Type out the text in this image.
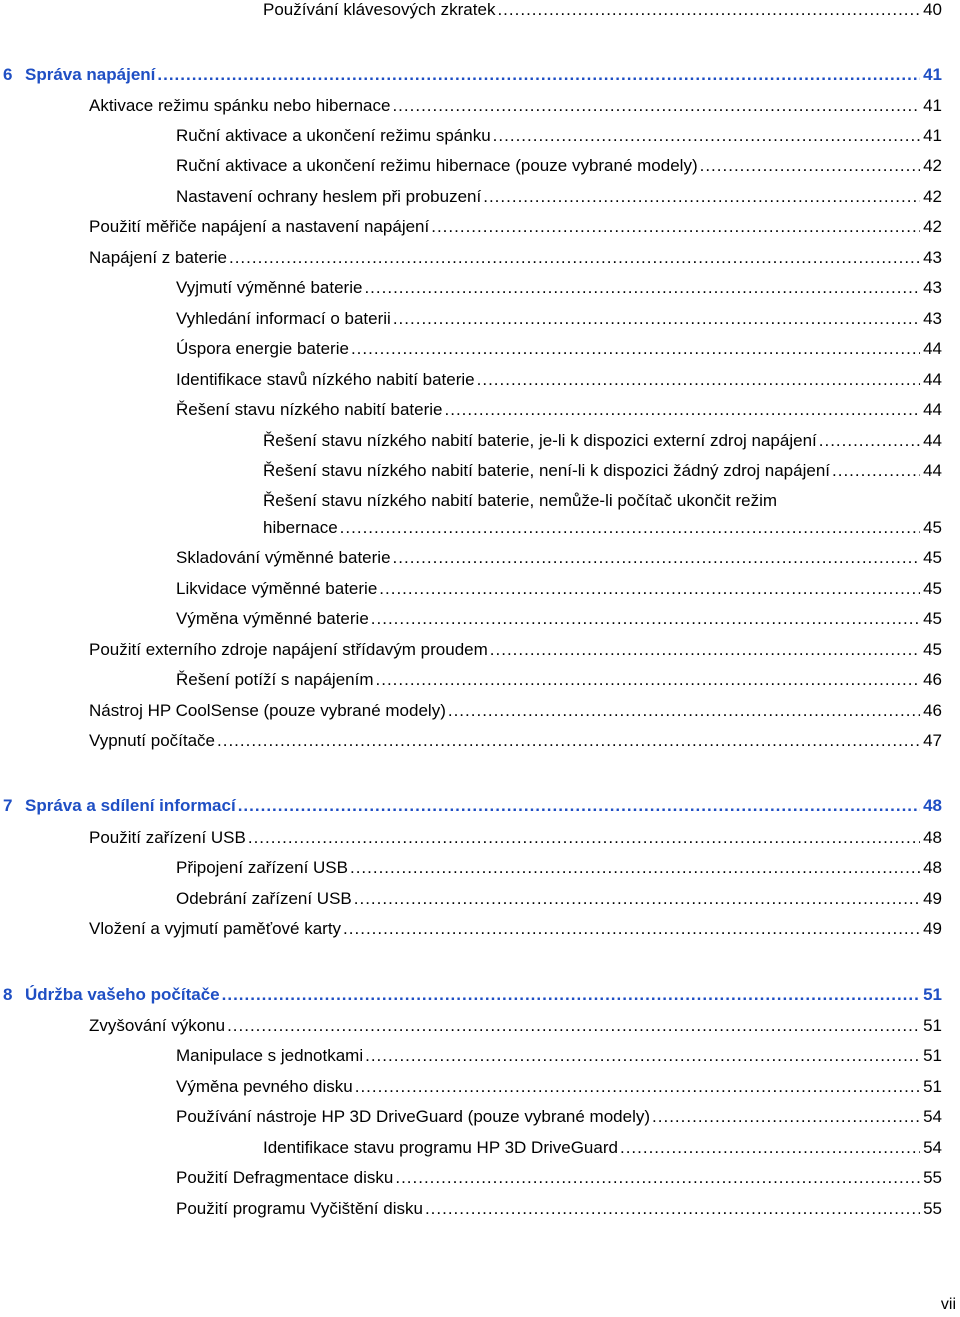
Používání klávesových zkratek .....	40
6 Správa napájení .....	41
Aktivace režimu spánku nebo hibernace .....	41
Ruční aktivace a ukončení režimu spánku .....	41
Ruční aktivace a ukončení režimu hibernace (pouze vybrané modely) .....	42
Nastavení ochrany heslem při probuzení .....	42
Použití měřiče napájení a nastavení napájení .....	42
Napájení z baterie .....	43
Vyjmutí výměnné baterie .....	43
Vyhledání informací o baterii .....	43
Úspora energie baterie .....	44
Identifikace stavů nízkého nabití baterie .....	44
Řešení stavu nízkého nabití baterie .....	44
Řešení stavu nízkého nabití baterie, je-li k dispozici externí zdroj napájení .....	44
Řešení stavu nízkého nabití baterie, není-li k dispozici žádný zdroj napájení .....	44
Řešení stavu nízkého nabití baterie, nemůže-li počítač ukončit režim
hibernace .....	45
Skladování výměnné baterie .....	45
Likvidace výměnné baterie .....	45
Výměna výměnné baterie .....	45
Použití externího zdroje napájení střídavým proudem .....	45
Řešení potíží s napájením .....	46
Nástroj HP CoolSense (pouze vybrané modely) .....	46
Vypnutí počítače .....	47
7 Správa a sdílení informací .....	48
Použití zařízení USB .....	48
Připojení zařízení USB .....	48
Odebrání zařízení USB .....	49
Vložení a vyjmutí paměťové karty .....	49
8 Údržba vašeho počítače .....	51
Zvyšování výkonu .....	51
Manipulace s jednotkami .....	51
Výměna pevného disku .....	51
Používání nástroje HP 3D DriveGuard (pouze vybrané modely) .....	54
Identifikace stavu programu HP 3D DriveGuard .....	54
Použití Defragmentace disku .....	55
Použití programu Vyčištění disku .....	55
vii
